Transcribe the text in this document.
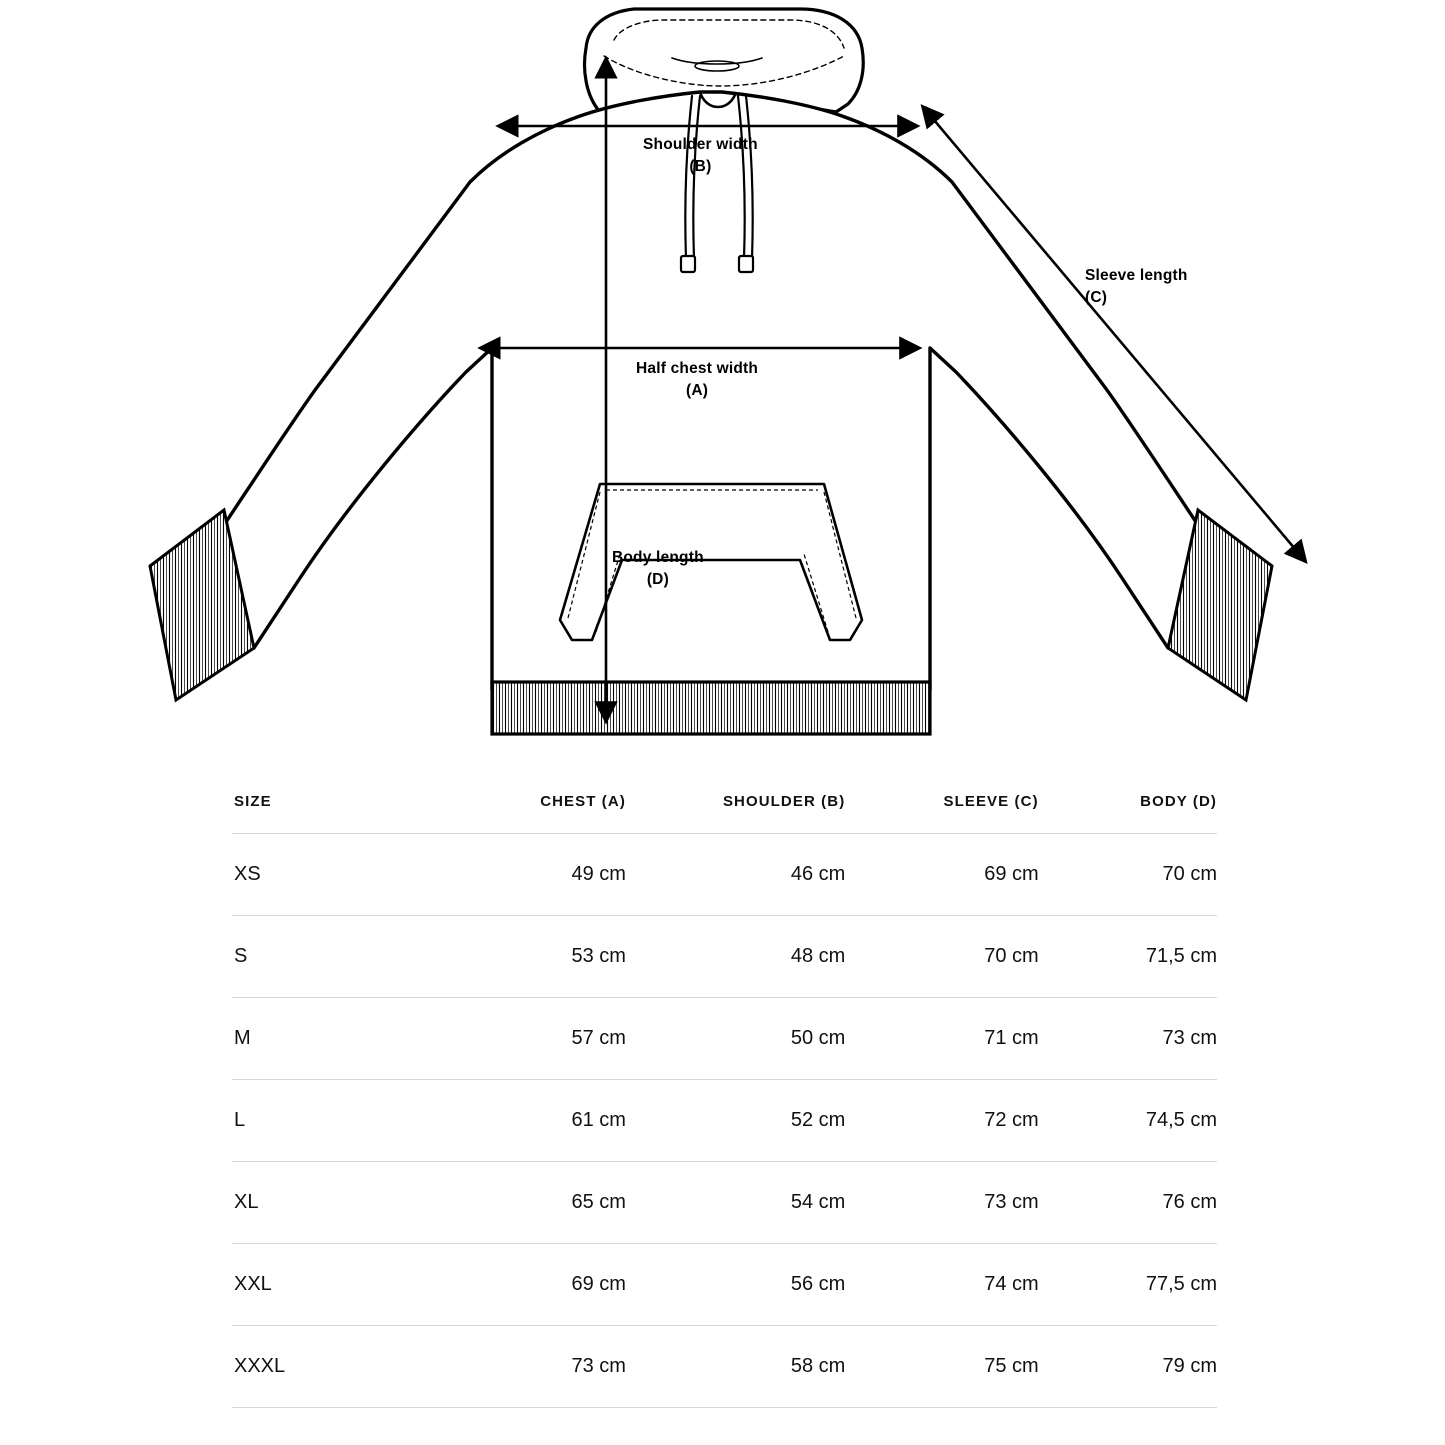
Shoulder width
(B)
Sleeve length
(C)
Half chest width
(A)
Body length
(D)
SIZE	CHEST (A)	SHOULDER (B)	SLEEVE (C)	BODY (D)
XS	49 cm	46 cm	69 cm	70 cm
S	53 cm	48 cm	70 cm	71,5 cm
M	57 cm	50 cm	71 cm	73 cm
L	61 cm	52 cm	72 cm	74,5 cm
XL	65 cm	54 cm	73 cm	76 cm
XXL	69 cm	56 cm	74 cm	77,5 cm
XXXL	73 cm	58 cm	75 cm	79 cm
